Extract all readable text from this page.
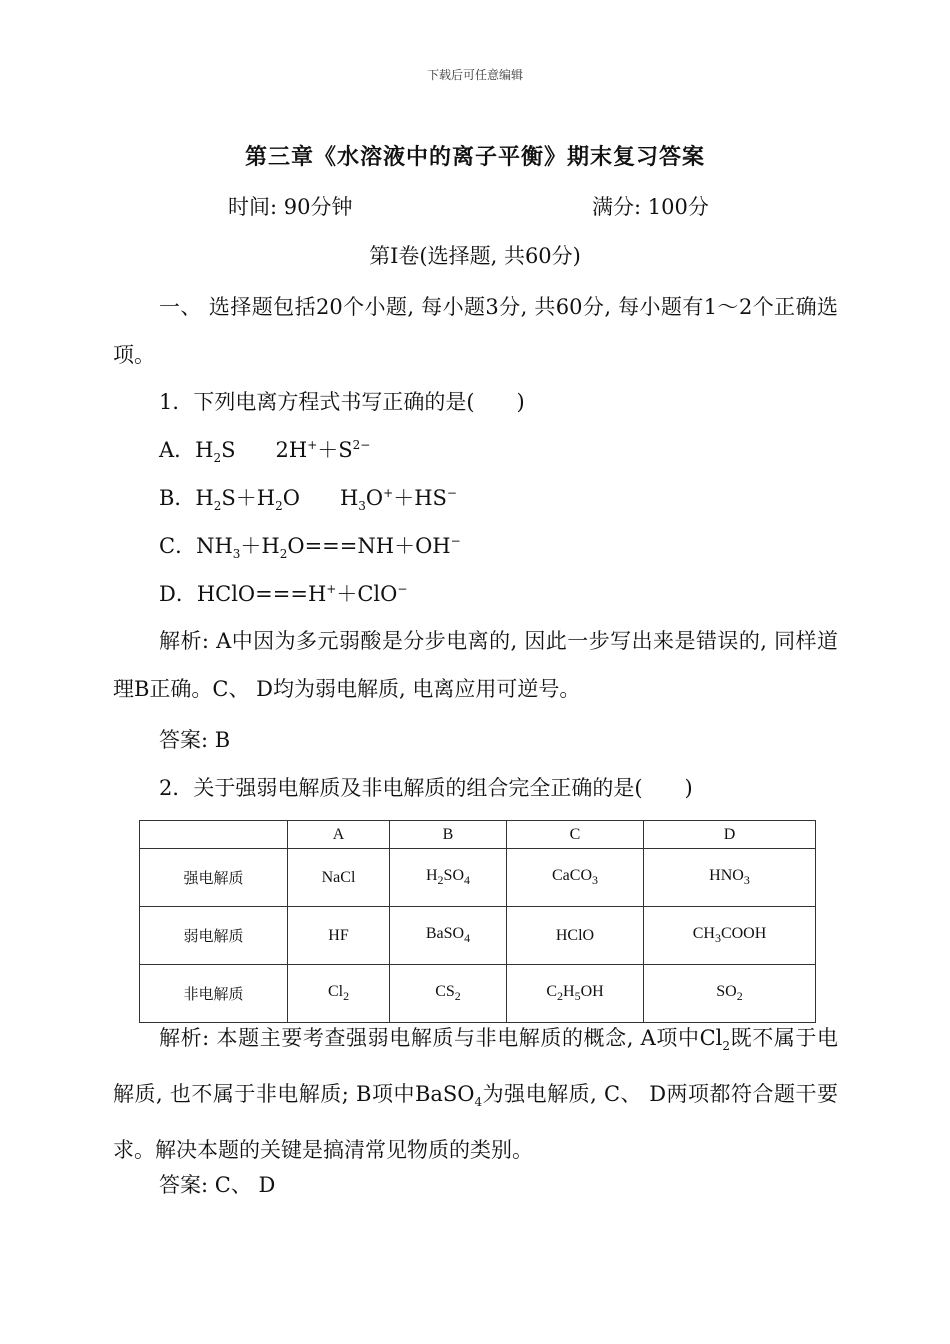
下载后可任意编辑
第三章《水溶液中的离子平衡》期末复习答案
时间: 90分钟	满分: 100分
第Ⅰ卷(选择题, 共60分)
一、 选择题包括20个小题, 每小题3分, 共60分, 每小题有1～2个正确选项。
1．下列电离方程式书写正确的是(　　)
A．$H_2S$ $2H^++S^{2-}$
B．$H_2S+H_2O$ $H_3O^++HS^-$
C．$NH_3+H_2O===NH+OH^-$
D．HClO===H+＋ClO−
解析: A中因为多元弱酸是分步电离的, 因此一步写出来是错误的, 同样道理B正确。C、 D均为弱电解质, 电离应用可逆号。
答案: B
2．关于强弱电解质及非电解质的组合完全正确的是(　　)
	A	B	C	D
强电解质	NaCl	$H_2SO_4$	CaCO$_3$	$HNO_3$
弱电解质	HF	BaSO$_4$	HClO	$CH_3COOH$
非电解质	$Cl_2$	$CS_2$	$C_2H_5OH$	$SO_2$
解析: 本题主要考查强弱电解质与非电解质的概念, A项中$Cl_2$既不属于电解质, 也不属于非电解质; B项中BaSO$_4$为强电解质, C、 D两项都符合题干要求。解决本题的关键是搞清常见物质的类别。
答案: C、 D
